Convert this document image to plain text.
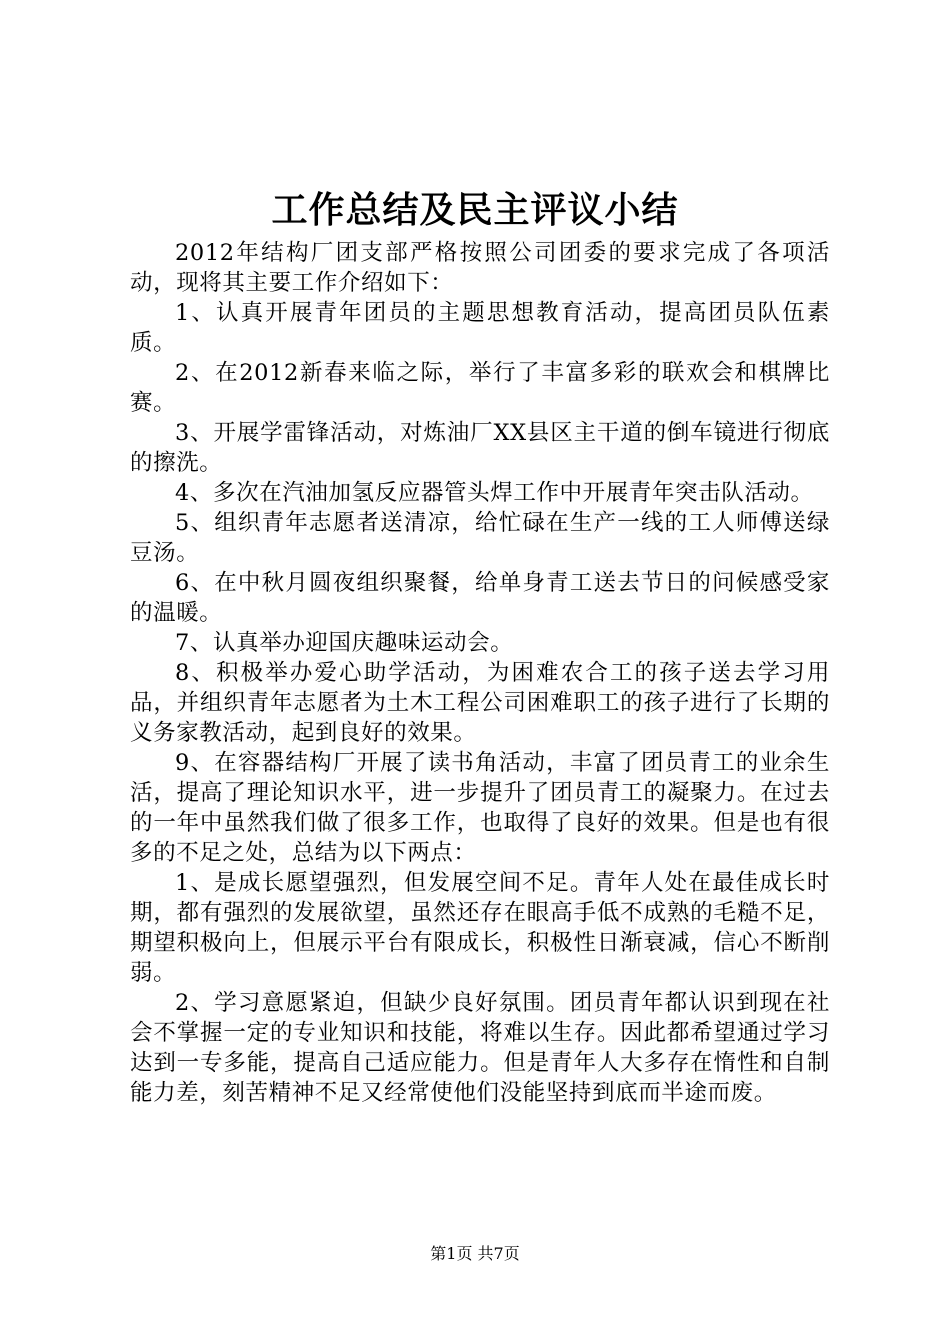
工作总结及民主评议小结

2012年结构厂团支部严格按照公司团委的要求完成了各项活动，现将其主要工作介绍如下：

1、认真开展青年团员的主题思想教育活动，提高团员队伍素质。

2、在2012新春来临之际，举行了丰富多彩的联欢会和棋牌比赛。

3、开展学雷锋活动，对炼油厂XX县区主干道的倒车镜进行彻底的擦洗。

4、多次在汽油加氢反应器管头焊工作中开展青年突击队活动。

5、组织青年志愿者送清凉，给忙碌在生产一线的工人师傅送绿豆汤。

6、在中秋月圆夜组织聚餐，给单身青工送去节日的问候感受家的温暖。

7、认真举办迎国庆趣味运动会。

8、积极举办爱心助学活动，为困难农合工的孩子送去学习用品，并组织青年志愿者为土木工程公司困难职工的孩子进行了长期的义务家教活动，起到良好的效果。

9、在容器结构厂开展了读书角活动，丰富了团员青工的业余生活，提高了理论知识水平，进一步提升了团员青工的凝聚力。在过去的一年中虽然我们做了很多工作，也取得了良好的效果。但是也有很多的不足之处，总结为以下两点：

1、是成长愿望强烈，但发展空间不足。青年人处在最佳成长时期，都有强烈的发展欲望，虽然还存在眼高手低不成熟的毛糙不足，期望积极向上，但展示平台有限成长，积极性日渐衰减，信心不断削弱。

2、学习意愿紧迫，但缺少良好氛围。团员青年都认识到现在社会不掌握一定的专业知识和技能，将难以生存。因此都希望通过学习达到一专多能，提高自己适应能力。但是青年人大多存在惰性和自制能力差，刻苦精神不足又经常使他们没能坚持到底而半途而废。

第1页 共7页
